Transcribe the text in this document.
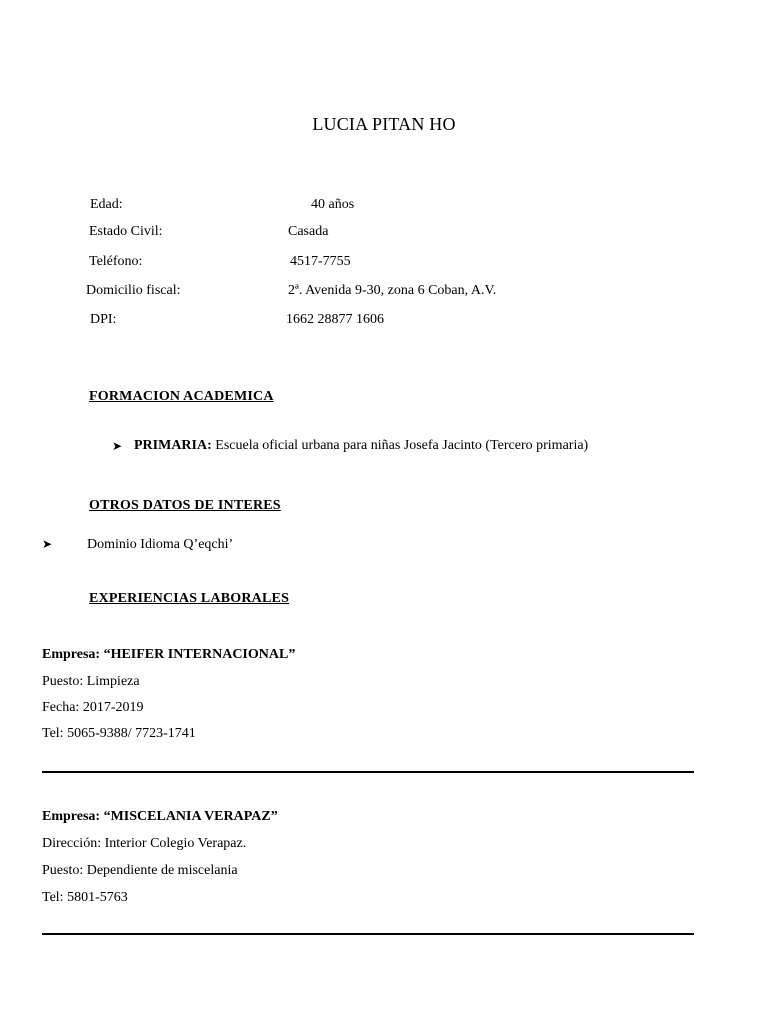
LUCIA PITAN HO
Edad:	40 años
Estado Civil:	Casada
Teléfono:	4517-7755
Domicilio fiscal:	2ª. Avenida 9-30, zona 6 Coban, A.V.
DPI:	1662 28877 1606
FORMACION ACADEMICA
➤ PRIMARIA: Escuela oficial urbana para niñas Josefa Jacinto (Tercero primaria)
OTROS DATOS DE INTERES
➤ Dominio Idioma Q’eqchi’
EXPERIENCIAS LABORALES
Empresa: “HEIFER INTERNACIONAL”
Puesto: Limpieza
Fecha: 2017-2019
Tel: 5065-9388/ 7723-1741
Empresa: “MISCELANIA VERAPAZ”
Dirección: Interior Colegio Verapaz.
Puesto: Dependiente de miscelania
Tel: 5801-5763
